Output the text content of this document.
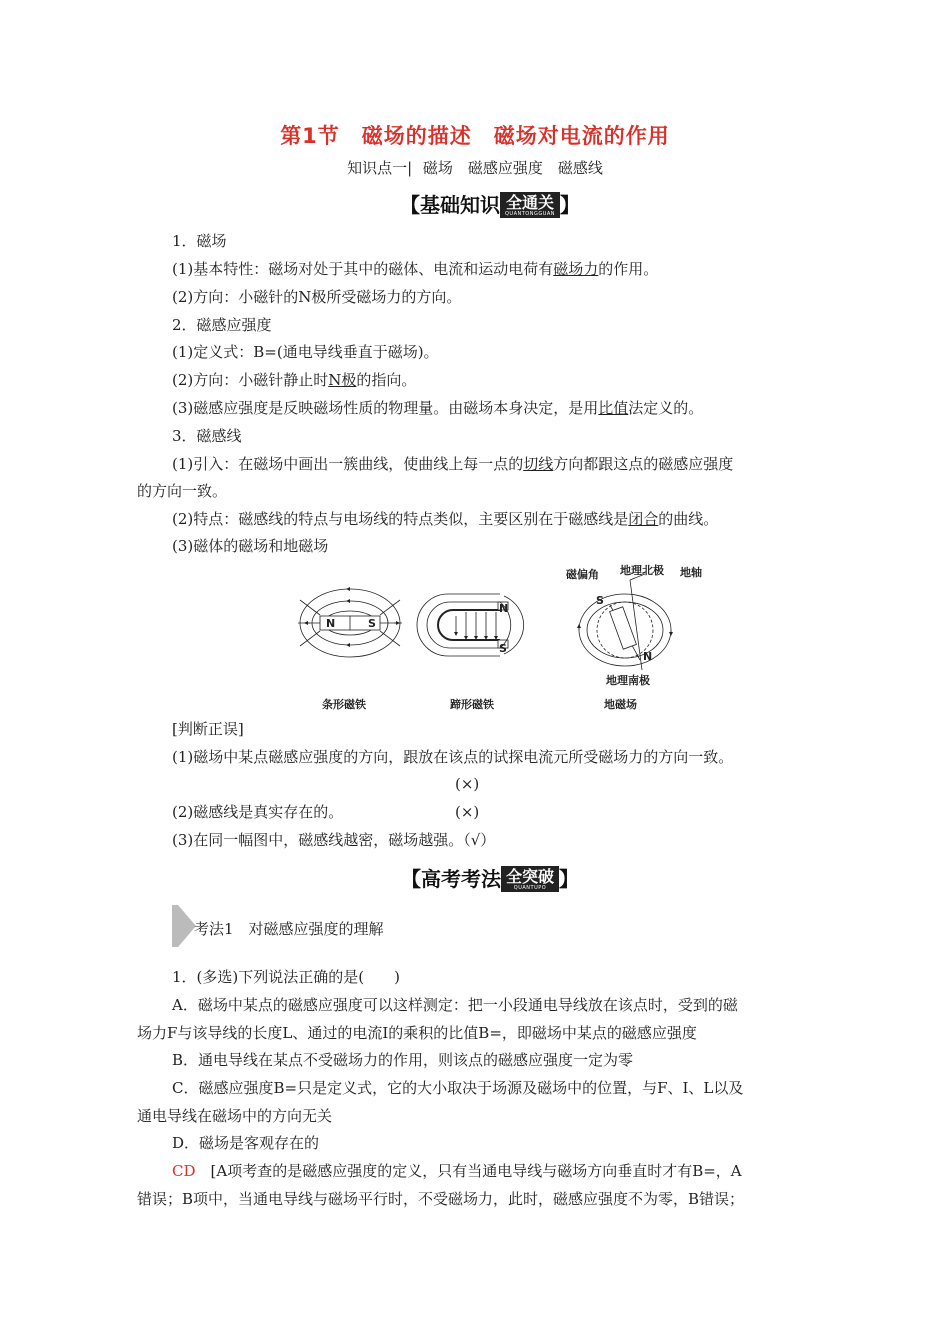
第1节　磁场的描述　磁场对电流的作用
知识点一| 磁场　磁感应强度　磁感线
【基础知识 全通关
QUANTONGGUAN 】
1．磁场
(1)基本特性：磁场对处于其中的磁体、电流和运动电荷有磁场力的作用。
(2)方向：小磁针的N极所受磁场力的方向。
2．磁感应强度
(1)定义式：B=(通电导线垂直于磁场)。
(2)方向：小磁针静止时N极的指向。
(3)磁感应强度是反映磁场性质的物理量。由磁场本身决定，是用比值法定义的。
3．磁感线
(1)引入：在磁场中画出一簇曲线，使曲线上每一点的切线方向都跟这点的磁感应强度
的方向一致。
(2)特点：磁感线的特点与电场线的特点类似，主要区别在于磁感线是闭合的曲线。
(3)磁体的磁场和地磁场
N	S
N
S
磁偏角 地理北极 地轴
S
N
地理南极
条形磁铁	蹄形磁铁	地磁场
[判断正误]
(1)磁场中某点磁感应强度的方向，跟放在该点的试探电流元所受磁场力的方向一致。
(×)
(2)磁感线是真实存在的。	(×)
(3)在同一幅图中，磁感线越密，磁场越强。（√）
【高考考法 全突破
QUANTUPO 】
考法1　对磁感应强度的理解
1．(多选)下列说法正确的是(　　)
A．磁场中某点的磁感应强度可以这样测定：把一小段通电导线放在该点时，受到的磁
场力F与该导线的长度L、通过的电流I的乘积的比值B=，即磁场中某点的磁感应强度
B．通电导线在某点不受磁场力的作用，则该点的磁感应强度一定为零
C．磁感应强度B=只是定义式，它的大小取决于场源及磁场中的位置，与F、I、L以及
通电导线在磁场中的方向无关
D．磁场是客观存在的
CD　[A项考查的是磁感应强度的定义，只有当通电导线与磁场方向垂直时才有B=，A
错误；B项中，当通电导线与磁场平行时，不受磁场力，此时，磁感应强度不为零，B错误；
